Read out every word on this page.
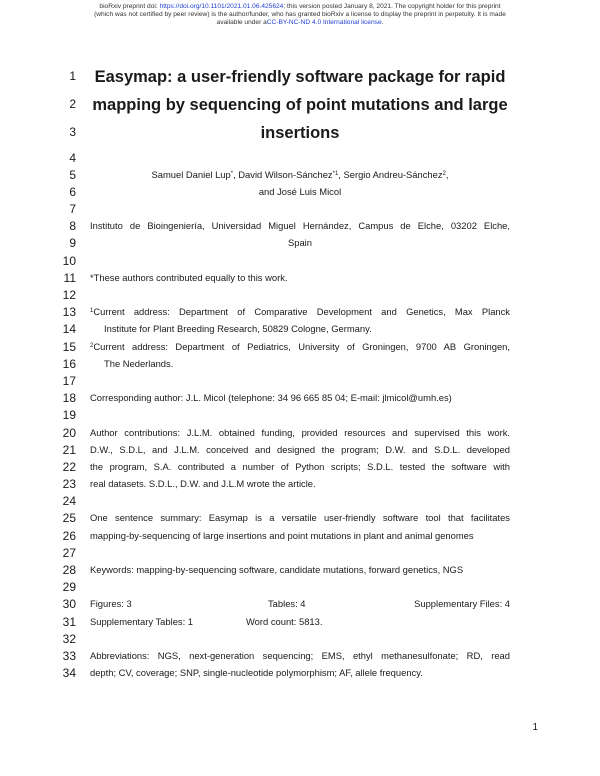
bioRxiv preprint doi: https://doi.org/10.1101/2021.01.06.425624; this version posted January 8, 2021. The copyright holder for this preprint
(which was not certified by peer review) is the author/funder, who has granted bioRxiv a license to display the preprint in perpetuity. It is made
available under aCC-BY-NC-ND 4.0 International license.
1
2
3
4
5
6
7
8
9
10
11
12
13
14
15
16
17
18
19
20
21
22
23
24
25
26
27
28
29
30
31
32
33
34
Easymap: a user-friendly software package for rapid
mapping by sequencing of point mutations and large
insertions
Samuel Daniel Lup*, David Wilson-Sánchez$^{*1}$, Sergio Andreu-Sánchez$^2$,
and José Luis Micol
Instituto de Bioingeniería, Universidad Miguel Hernández, Campus de Elche, 03202 Elche,
Spain
*These authors contributed equally to this work.
$^1$Current address: Department of Comparative Development and Genetics, Max Planck
Institute for Plant Breeding Research, 50829 Cologne, Germany.
$^2$Current address: Department of Pediatrics, University of Groningen, 9700 AB Groningen,
The Nederlands.
Corresponding author: J.L. Micol (telephone: 34 96 665 85 04; E-mail: jlmicol@umh.es)
Author contributions: J.L.M. obtained funding, provided resources and supervised this work.
D.W., S.D.L, and J.L.M. conceived and designed the program; D.W. and S.D.L. developed
the program, S.A. contributed a number of Python scripts; S.D.L. tested the software with
real datasets. S.D.L., D.W. and J.L.M wrote the article.
One sentence summary: Easymap is a versatile user-friendly software tool that facilitates
mapping-by-sequencing of large insertions and point mutations in plant and animal genomes
Keywords: mapping-by-sequencing software, candidate mutations, forward genetics, NGS
Figures: 3	Tables: 4	Supplementary Files: 4
Supplementary Tables: 1	Word count: 5813.
Abbreviations: NGS, next-generation sequencing; EMS, ethyl methanesulfonate; RD, read
depth; CV, coverage; SNP, single-nucleotide polymorphism; AF, allele frequency.
1
